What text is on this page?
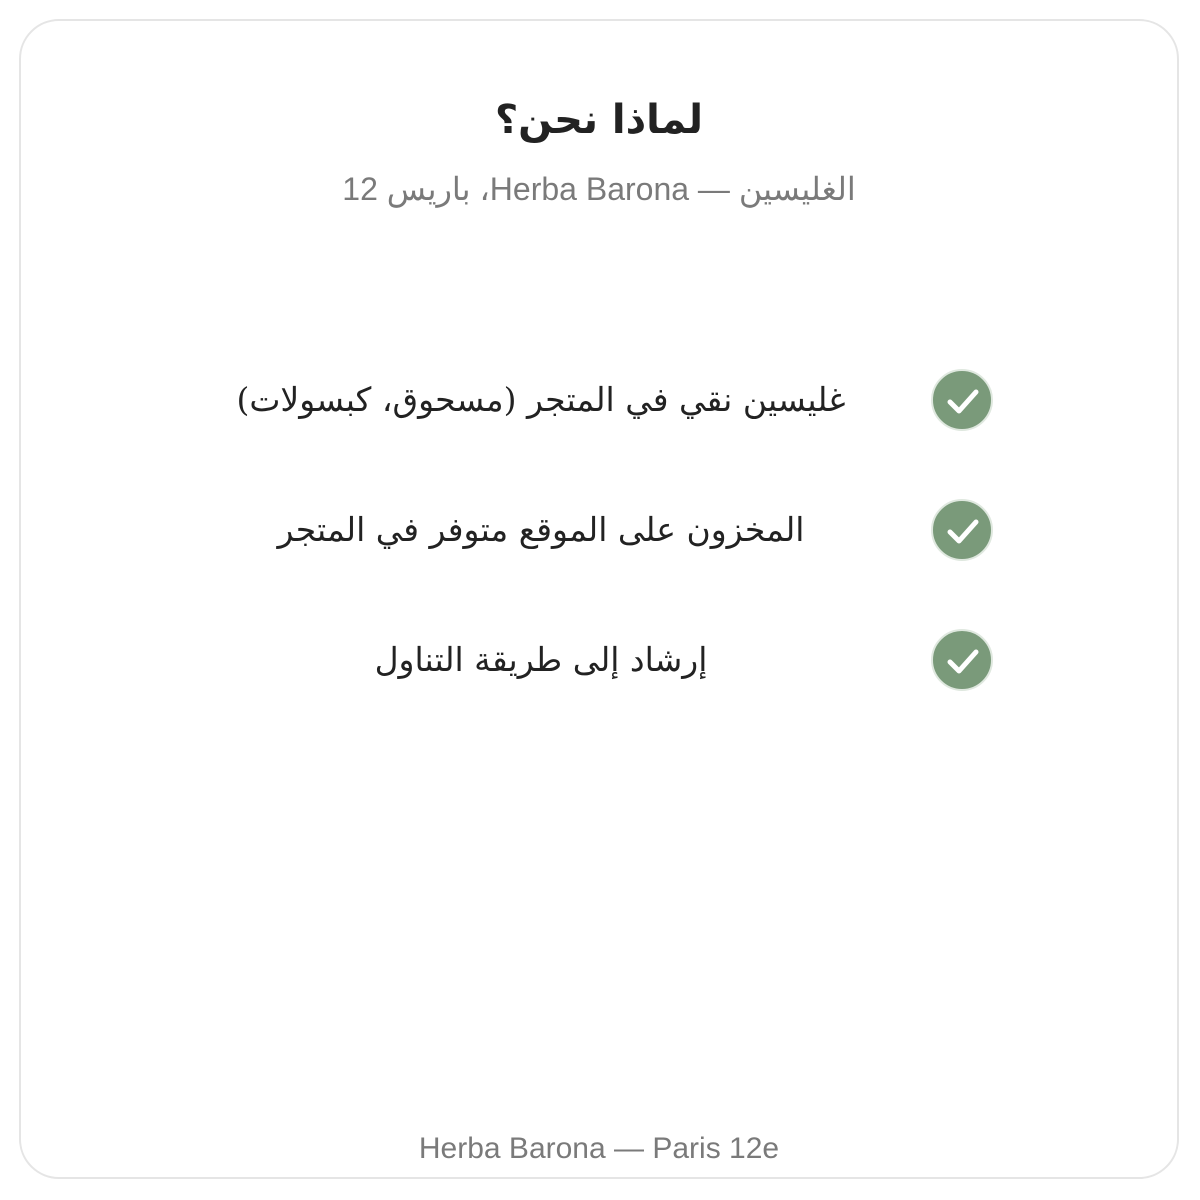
لماذا نحن؟
الغليسين — Herba Barona، باريس 12
غليسين نقي في المتجر (مسحوق، كبسولات)
المخزون على الموقع متوفر في المتجر
إرشاد إلى طريقة التناول
Herba Barona — Paris 12e
